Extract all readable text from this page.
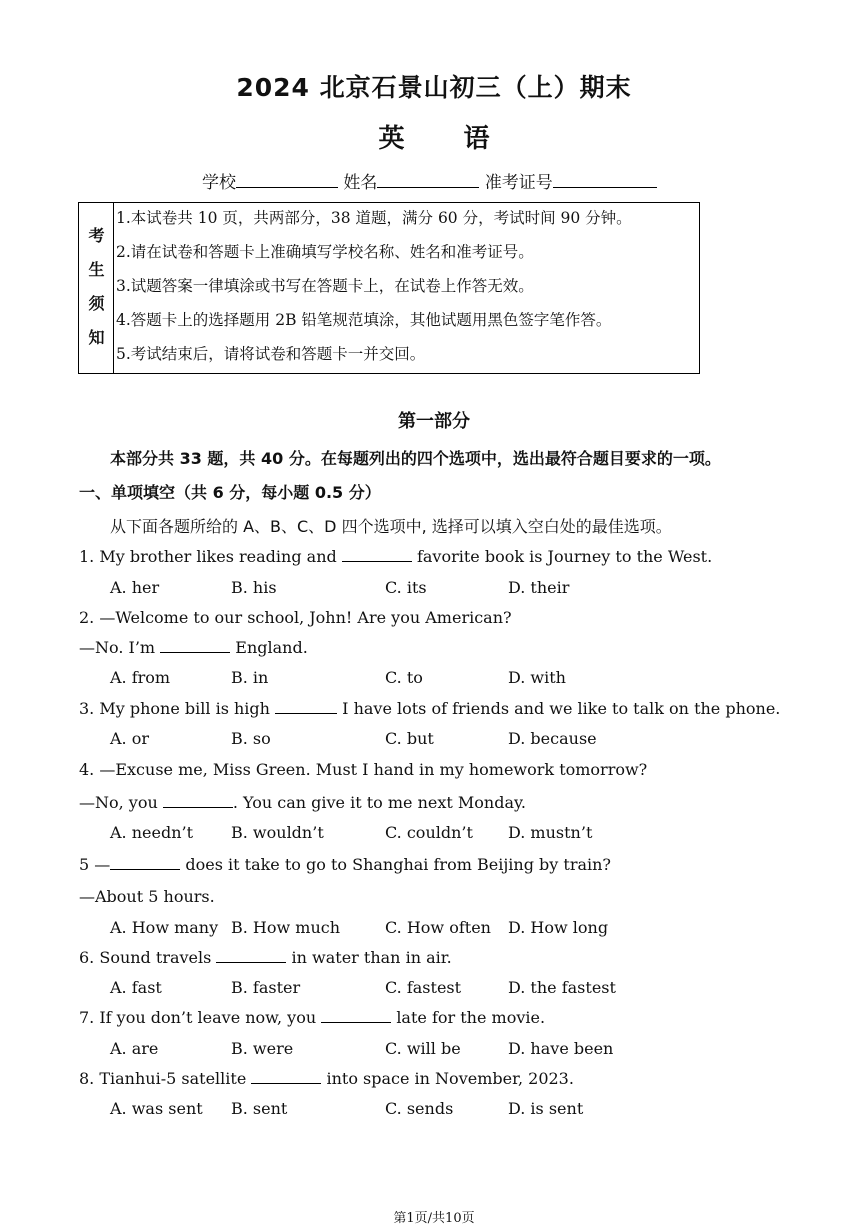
2024 北京石景山初三（上）期末
英 语
学校	姓名	准考证号
考
生
须
知
1.本试卷共 10 页，共两部分，38 道题，满分 60 分，考试时间 90 分钟。
2.请在试卷和答题卡上准确填写学校名称、姓名和准考证号。
3.试题答案一律填涂或书写在答题卡上，在试卷上作答无效。
4.答题卡上的选择题用 2B 铅笔规范填涂，其他试题用黑色签字笔作答。
5.考试结束后，请将试卷和答题卡一并交回。
第一部分
本部分共 33 题，共 40 分。在每题列出的四个选项中，选出最符合题目要求的一项。
一、单项填空（共 6 分，每小题 0.5 分）
从下面各题所给的 A、B、C、D 四个选项中, 选择可以填入空白处的最佳选项。
1. My brother likes reading and	favorite book is Journey to the West.
A. her	B. his	C. its	D. their
2. —Welcome to our school, John! Are you American?
—No. I’m	England.
A. from	B. in	C. to	D. with
3. My phone bill is high	I have lots of friends and we like to talk on the phone.
A. or	B. so	C. but	D. because
4. —Excuse me, Miss Green. Must I hand in my homework tomorrow?
—No, you	. You can give it to me next Monday.
A. needn’t B. wouldn’t	C. couldn’t D. mustn’t
5 —	does it take to go to Shanghai from Beijing by train?
—About 5 hours.
A. How many B. How much	C. How often D. How long
6. Sound travels	in water than in air.
A. fast	B. faster	C. fastest	D. the fastest
7. If you don’t leave now, you	late for the movie.
A. are	B. were	C. will be	D. have been
8. Tianhui-5 satellite	into space in November, 2023.
A. was sent B. sent	C. sends	D. is sent
第1页/共10页
